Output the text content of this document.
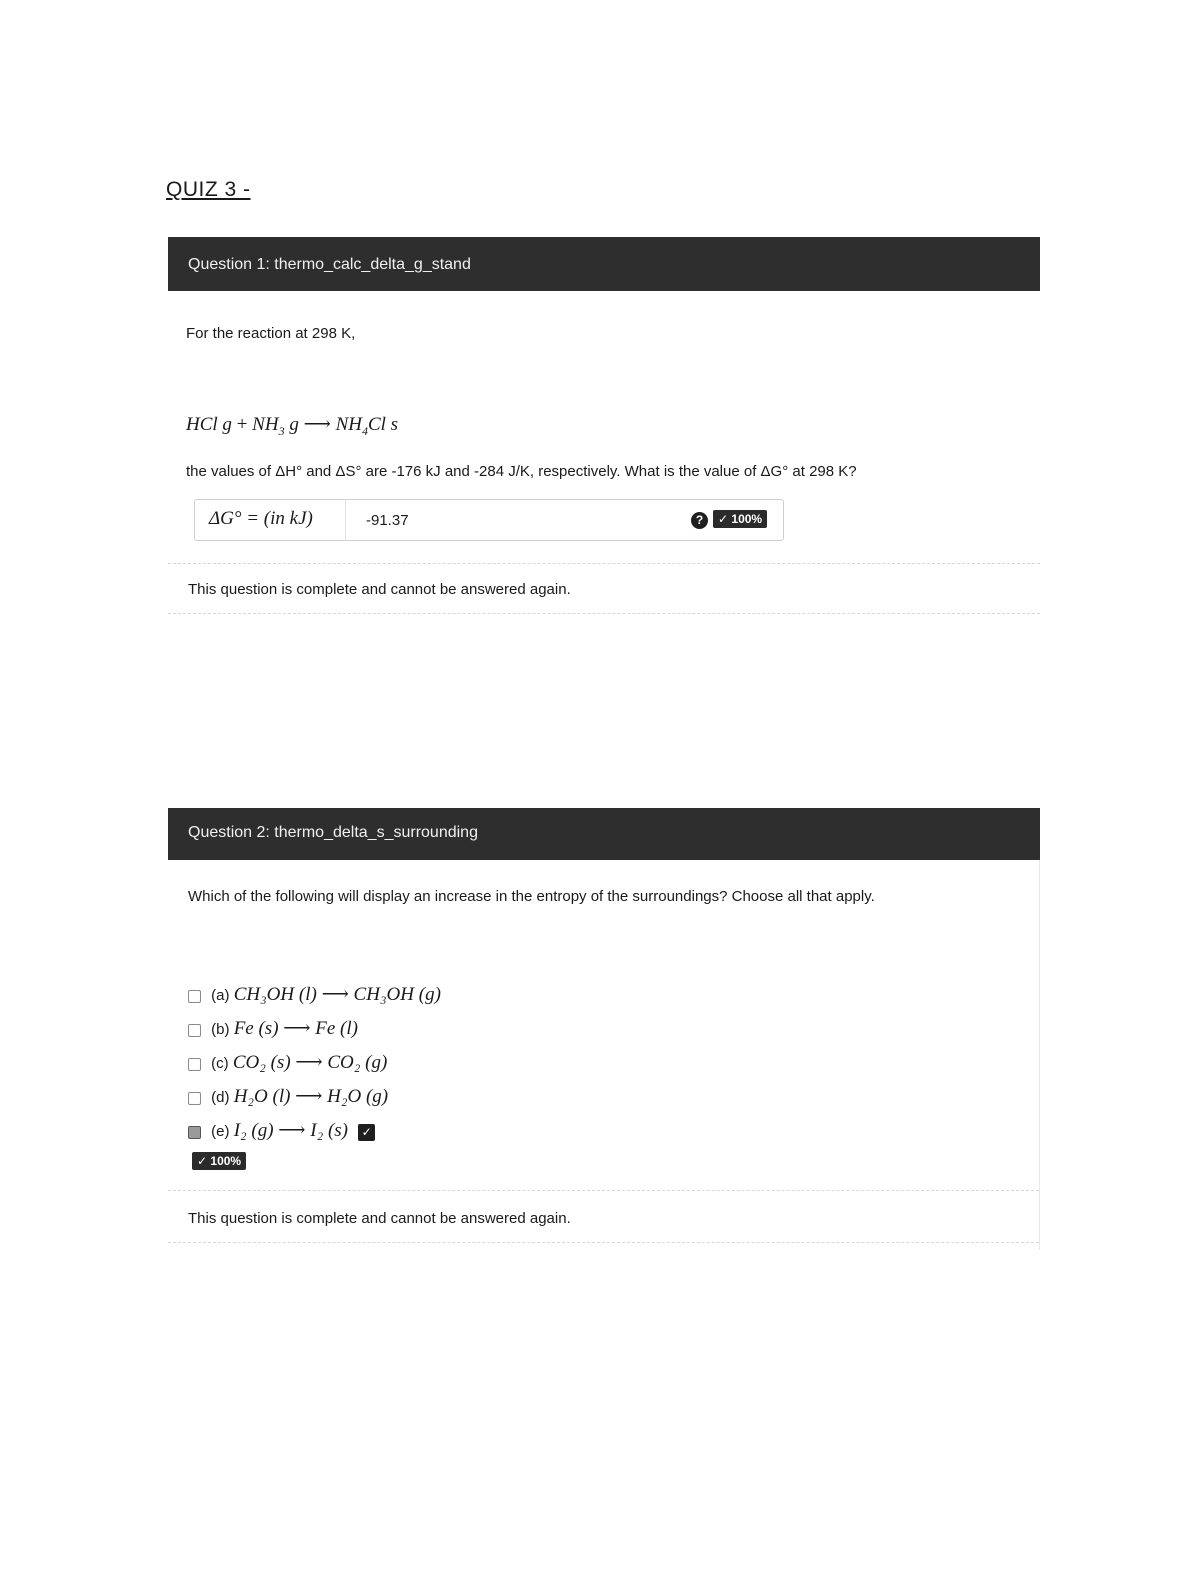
QUIZ 3 -
Question 1: thermo_calc_delta_g_stand
For the reaction at 298 K,
HCl $g + NH_3$ g ⟶ $NH_4Cl$ s
the values of ΔH° and ΔS° are -176 kJ and -284 J/K, respectively. What is the value of ΔG° at 298 K?
ΔG° = (in kJ)	-91.37	?	✓ 100%
This question is complete and cannot be answered again.
Question 2: thermo_delta_s_surrounding
Which of the following will display an increase in the entropy of the surroundings? Choose all that apply.
(a) CH₃OH (l) ⟶ CH₃OH (g)
(b) Fe (s) ⟶ Fe (l)
(c) CO₂ (s) ⟶ CO₂ (g)
(d) H₂O (l) ⟶ H₂O (g)
(e) I₂ (g) ⟶ I₂ (s) ✓
✓ 100%
This question is complete and cannot be answered again.
